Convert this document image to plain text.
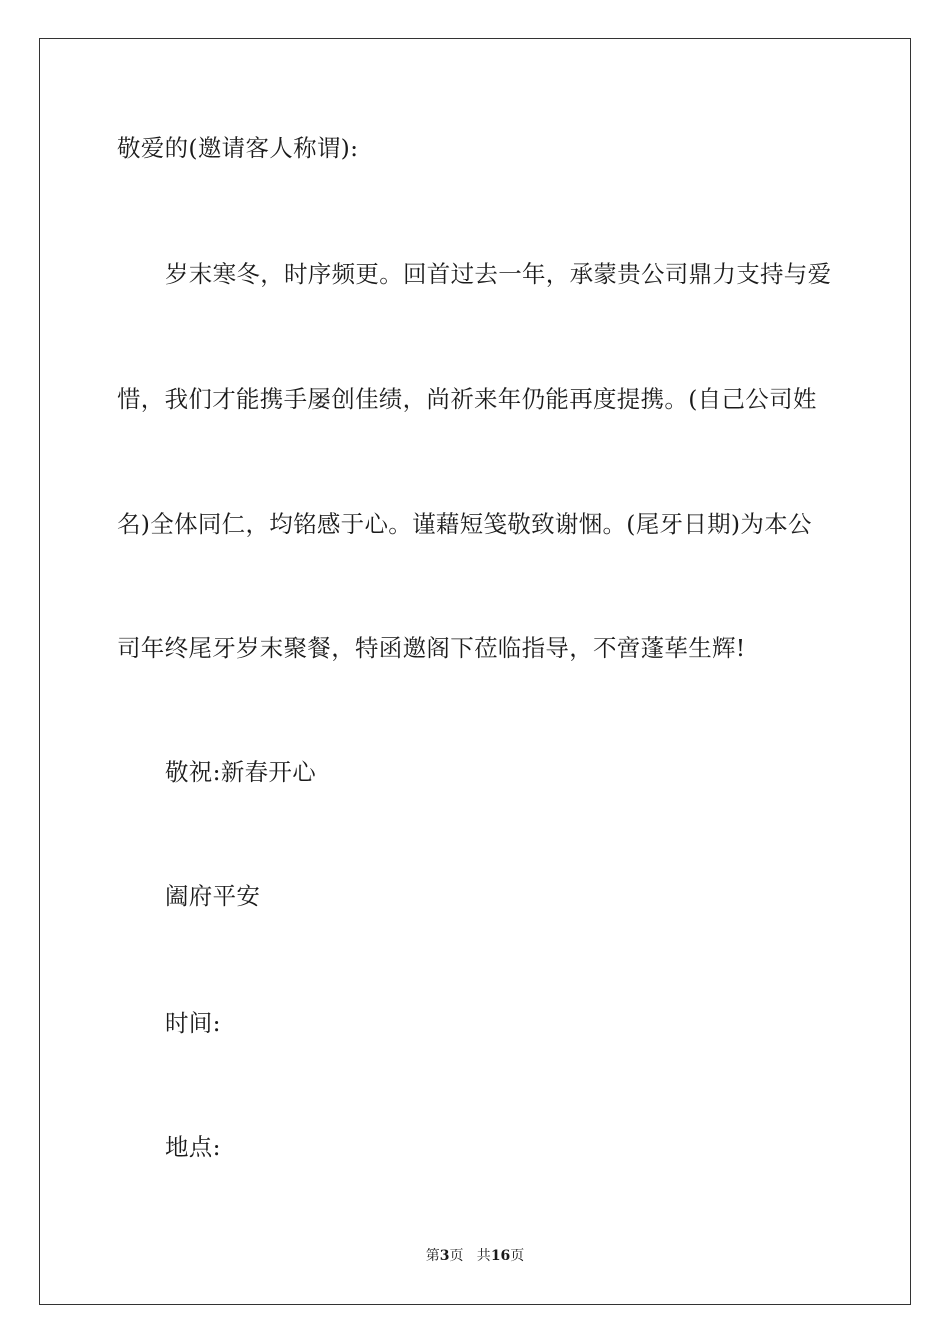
敬爱的(邀请客人称谓):
岁末寒冬，时序频更。回首过去一年，承蒙贵公司鼎力支持与爱
惜，我们才能携手屡创佳绩，尚祈来年仍能再度提携。(自己公司姓
名)全体同仁，均铭感于心。谨藉短笺敬致谢悃。(尾牙日期)为本公
司年终尾牙岁末聚餐，特函邀阁下莅临指导，不啻蓬荜生辉!
敬祝:新春开心
阖府平安
时间:
地点:
第3页   共16页
